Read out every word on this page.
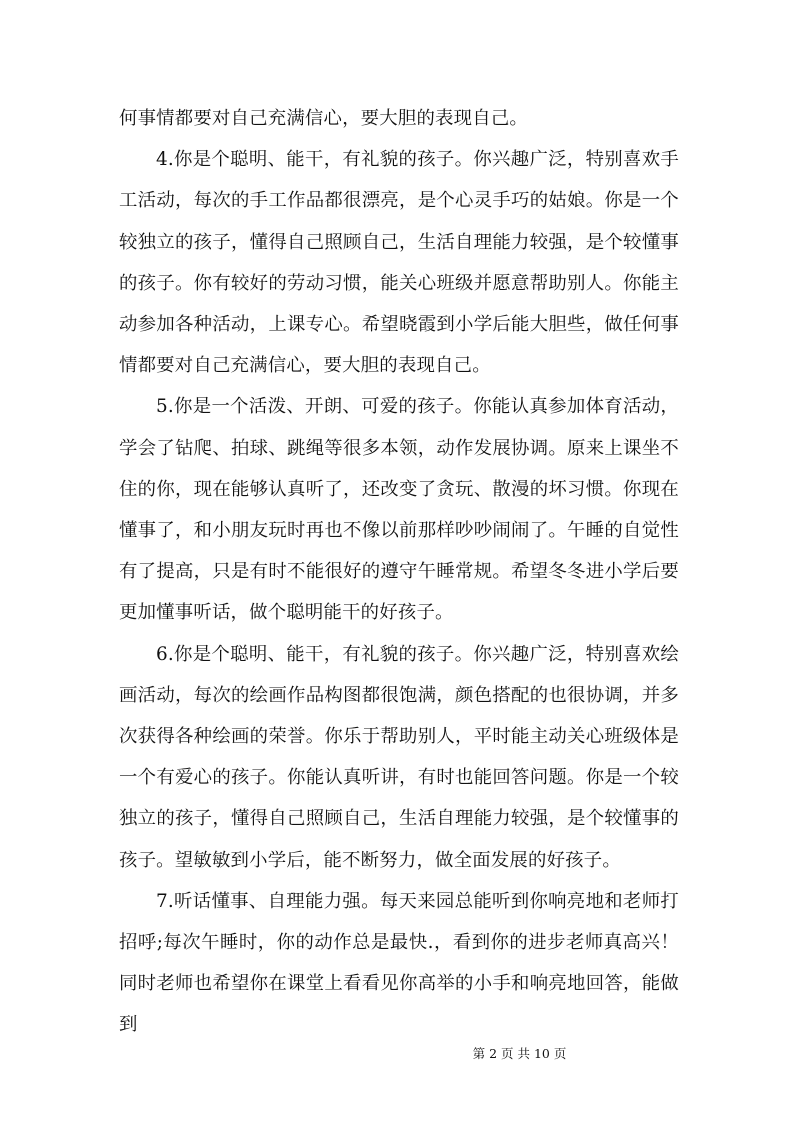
何事情都要对自己充满信心，要大胆的表现自己。

4.你是个聪明、能干，有礼貌的孩子。你兴趣广泛，特别喜欢手工活动，每次的手工作品都很漂亮，是个心灵手巧的姑娘。你是一个较独立的孩子，懂得自己照顾自己，生活自理能力较强，是个较懂事的孩子。你有较好的劳动习惯，能关心班级并愿意帮助别人。你能主动参加各种活动，上课专心。希望晓霞到小学后能大胆些，做任何事情都要对自己充满信心，要大胆的表现自己。

5.你是一个活泼、开朗、可爱的孩子。你能认真参加体育活动，学会了钻爬、拍球、跳绳等很多本领，动作发展协调。原来上课坐不住的你，现在能够认真听了，还改变了贪玩、散漫的坏习惯。你现在懂事了，和小朋友玩时再也不像以前那样吵吵闹闹了。午睡的自觉性有了提高，只是有时不能很好的遵守午睡常规。希望冬冬进小学后要更加懂事听话，做个聪明能干的好孩子。

6.你是个聪明、能干，有礼貌的孩子。你兴趣广泛，特别喜欢绘画活动，每次的绘画作品构图都很饱满，颜色搭配的也很协调，并多次获得各种绘画的荣誉。你乐于帮助别人，平时能主动关心班级体是一个有爱心的孩子。你能认真听讲，有时也能回答问题。你是一个较独立的孩子，懂得自己照顾自己，生活自理能力较强，是个较懂事的孩子。望敏敏到小学后，能不断努力，做全面发展的好孩子。

7.听话懂事、自理能力强。每天来园总能听到你响亮地和老师打招呼;每次午睡时，你的动作总是最快.，看到你的进步老师真高兴！同时老师也希望你在课堂上看看见你高举的小手和响亮地回答，能做到

第 2 页 共 10 页
